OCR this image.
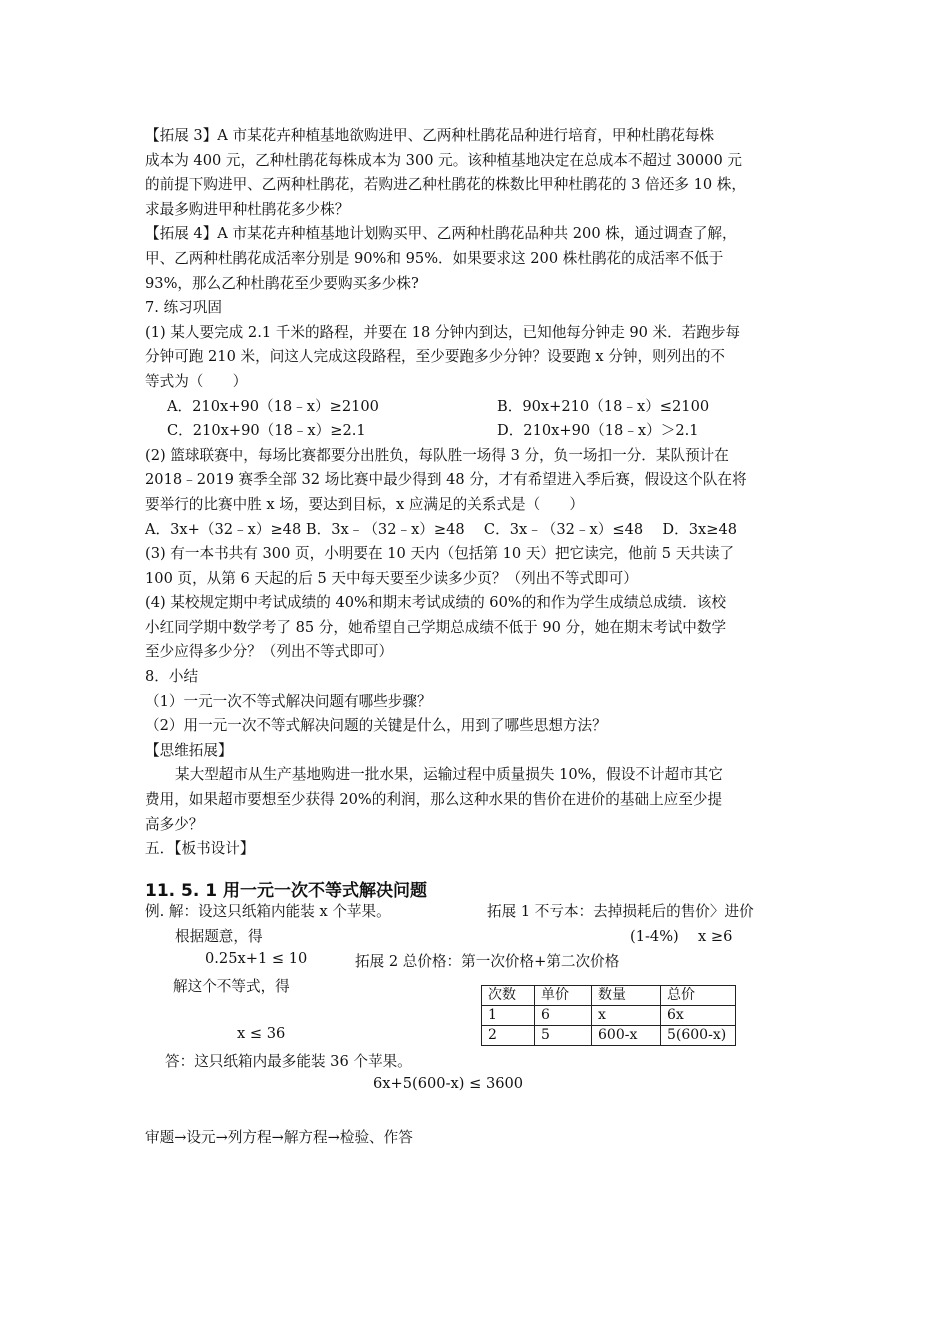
【拓展 3】A 市某花卉种植基地欲购进甲、乙两种杜鹃花品种进行培育，甲种杜鹃花每株

成本为 400 元，乙种杜鹃花每株成本为 300 元。该种植基地决定在总成本不超过 30000 元

的前提下购进甲、乙两种杜鹃花，若购进乙种杜鹃花的株数比甲种杜鹃花的 3 倍还多 10 株，

求最多购进甲种杜鹃花多少株？

【拓展 4】A 市某花卉种植基地计划购买甲、乙两种杜鹃花品种共 200 株，通过调查了解，

甲、乙两种杜鹃花成活率分别是 90%和 95%．如果要求这 200 株杜鹃花的成活率不低于

93%，那么乙种杜鹃花至少要购买多少株?

7. 练习巩固

(1) 某人要完成 2.1 千米的路程，并要在 18 分钟内到达，已知他每分钟走 90 米．若跑步每

分钟可跑 210 米，问这人完成这段路程，至少要跑多少分钟？设要跑 x 分钟，则列出的不

等式为（　　）

A．210x+90（18﹣x）≥2100	B．90x+210（18﹣x）≤2100

C．210x+90（18﹣x）≥2.1	D．210x+90（18﹣x）＞2.1

(2) 篮球联赛中，每场比赛都要分出胜负，每队胜一场得 3 分，负一场扣一分．某队预计在

2018﹣2019 赛季全部 32 场比赛中最少得到 48 分，才有希望进入季后赛，假设这个队在将

要举行的比赛中胜 x 场，要达到目标，x 应满足的关系式是（　　）

A．3x+（32﹣x）≥48 B．3x﹣（32﹣x）≥48　 C．3x﹣（32﹣x）≤48　 D．3x≥48

(3) 有一本书共有 300 页，小明要在 10 天内（包括第 10 天）把它读完，他前 5 天共读了

100 页，从第 6 天起的后 5 天中每天要至少读多少页？（列出不等式即可）

(4) 某校规定期中考试成绩的 40%和期末考试成绩的 60%的和作为学生成绩总成绩．该校

小红同学期中数学考了 85 分，她希望自己学期总成绩不低于 90 分，她在期末考试中数学

至少应得多少分？（列出不等式即可）

8．小结

（1）一元一次不等式解决问题有哪些步骤？

（2）用一元一次不等式解决问题的关键是什么，用到了哪些思想方法？

【思维拓展】

某大型超市从生产基地购进一批水果，运输过程中质量损失 10%，假设不计超市其它

费用，如果超市要想至少获得 20%的利润，那么这种水果的售价在进价的基础上应至少提

高多少？

五．【板书设计】

11. 5. 1 用一元一次不等式解决问题
例. 解：设这只纸箱内能装 x 个苹果。
根据题意，得
0.25x+1 ≤ 10
解这个不等式，得
x ≤ 36
答：这只纸箱内最多能装 36 个苹果。
拓展 1 不亏本：去掉损耗后的售价〉进价
(1-4%)　 x ≥6
拓展 2 总价格：第一次价格+第二次价格
次数	单价	数量	总价
1	6	x	6x
2	5	600-x	5(600-x)
6x+5(600-x) ≤ 3600
审题→设元→列方程→解方程→检验、作答
